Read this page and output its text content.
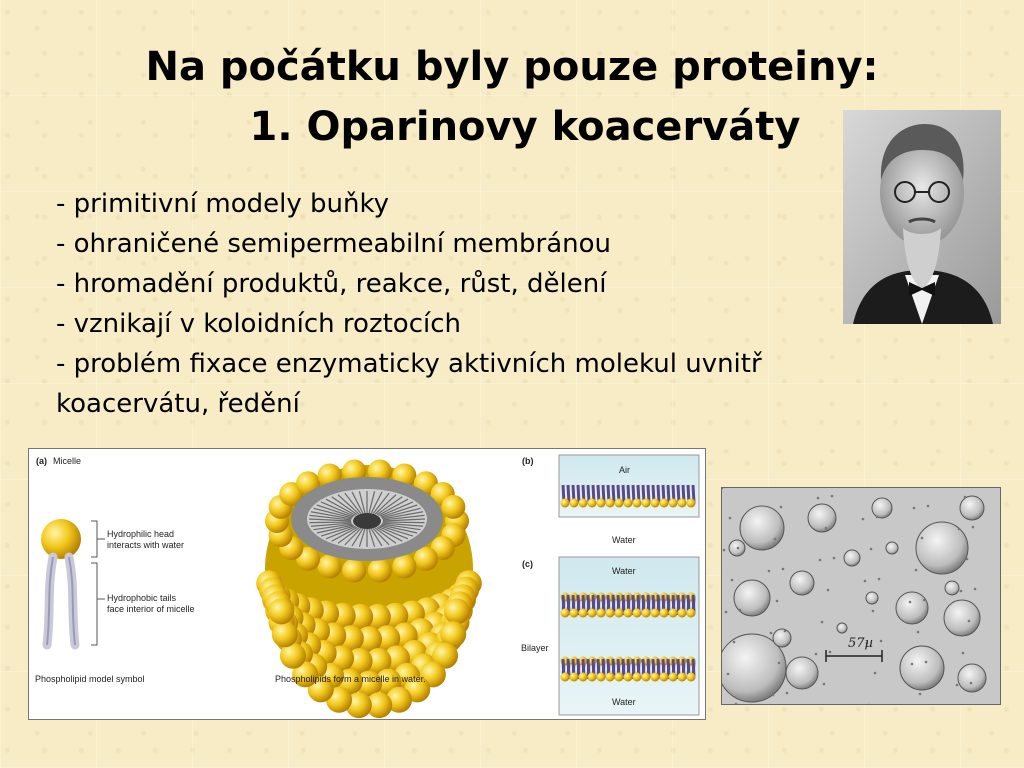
Na počátku byly pouze proteiny:
1. Oparinovy koacerváty
- primitivní modely buňky
- ohraničené semipermeabilní membránou
- hromadění produktů, reakce, růst, dělení
- vznikají v koloidních roztocích
- problém fixace enzymaticky aktivních molekul uvnitř
koacervátu, ředění
(a) Micelle
Hydrophilic head
interacts with water
Hydrophobic tails
face interior of micelle
Phospholipid model symbol	Phospholipids form a micelle in water.
(b)
Air
Water
(c)
Water
Bilayer
Water
57µ
